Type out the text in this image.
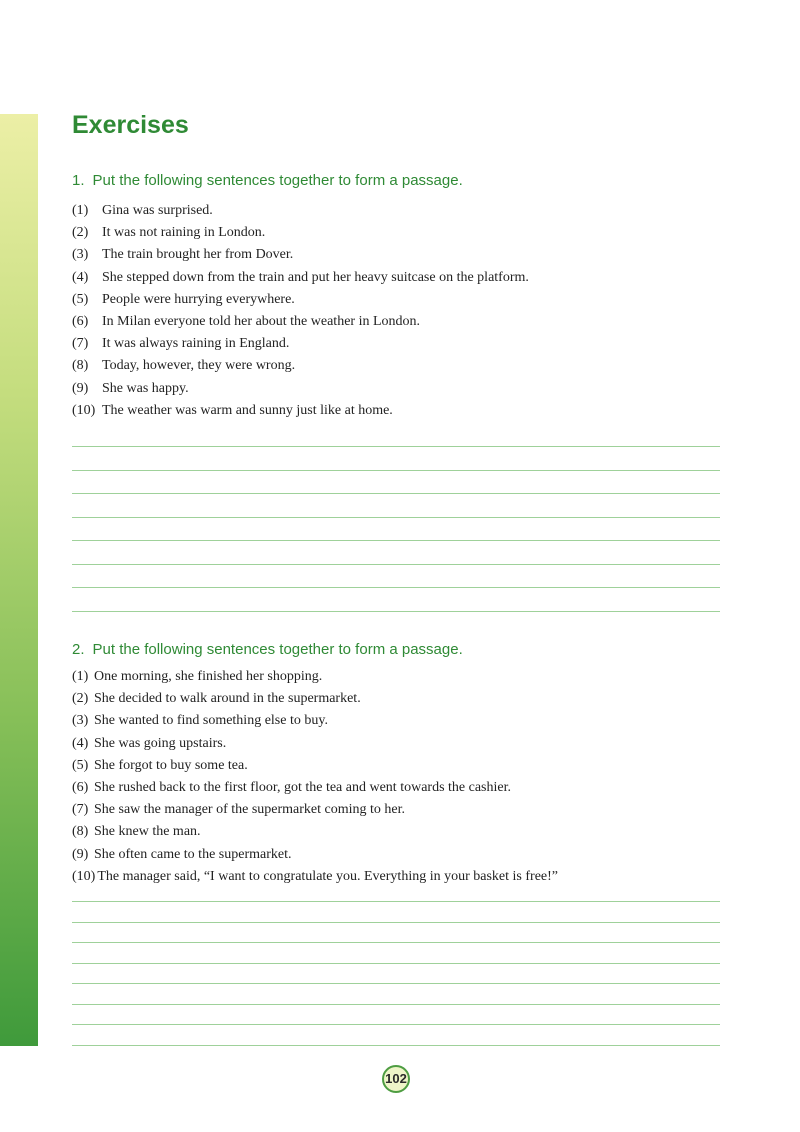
Exercises

1. Put the following sentences together to form a passage.

(1) Gina was surprised.
(2) It was not raining in London.
(3) The train brought her from Dover.
(4) She stepped down from the train and put her heavy suitcase on the platform.
(5) People were hurrying everywhere.
(6) In Milan everyone told her about the weather in London.
(7) It was always raining in England.
(8) Today, however, they were wrong.
(9) She was happy.
(10) The weather was warm and sunny just like at home.

2. Put the following sentences together to form a passage.

(1) One morning, she finished her shopping.
(2) She decided to walk around in the supermarket.
(3) She wanted to find something else to buy.
(4) She was going upstairs.
(5) She forgot to buy some tea.
(6) She rushed back to the first floor, got the tea and went towards the cashier.
(7) She saw the manager of the supermarket coming to her.
(8) She knew the man.
(9) She often came to the supermarket.
(10) The manager said, “I want to congratulate you. Everything in your basket is free!”
102
